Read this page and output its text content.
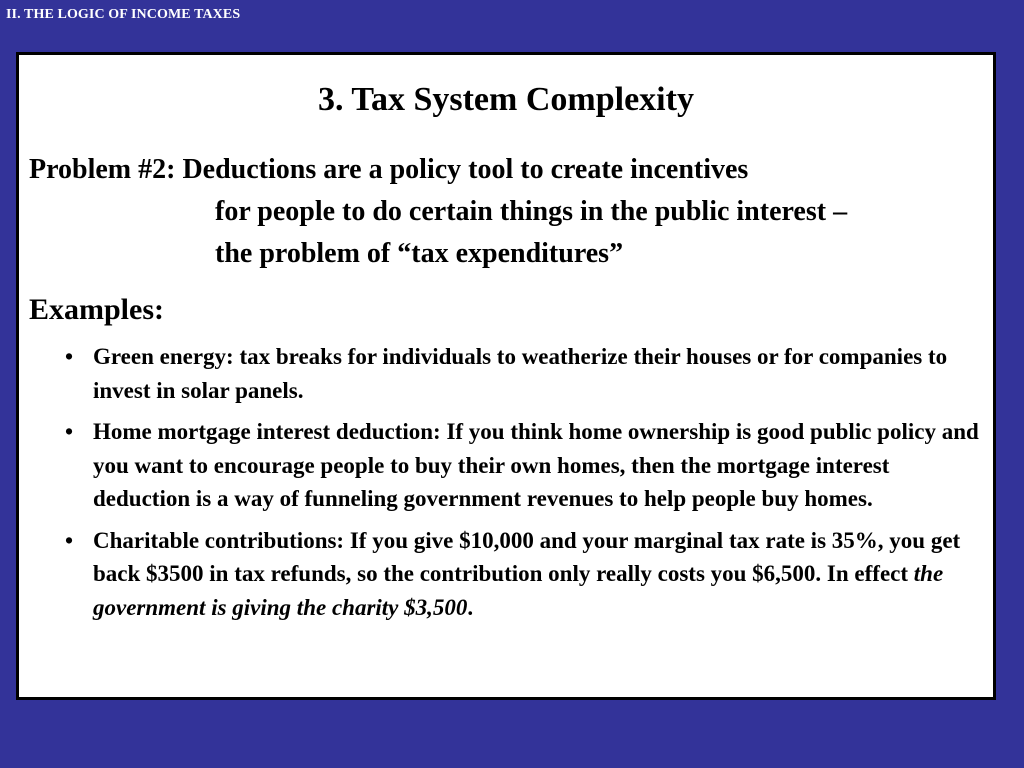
II. THE LOGIC OF INCOME TAXES
3. Tax System Complexity
Problem #2: Deductions are a policy tool to create incentives
for people to do certain things in the public interest –
the problem of “tax expenditures”
Examples:
• Green energy: tax breaks for individuals to weatherize their houses or for companies to invest in solar panels.
• Home mortgage interest deduction: If you think home ownership is good public policy and you want to encourage people to buy their own homes, then the mortgage interest deduction is a way of funneling government revenues to help people buy homes.
• Charitable contributions: If you give $10,000 and your marginal tax rate is 35%, you get back $3500 in tax refunds, so the contribution only really costs you $6,500. In effect the government is giving the charity $3,500.
